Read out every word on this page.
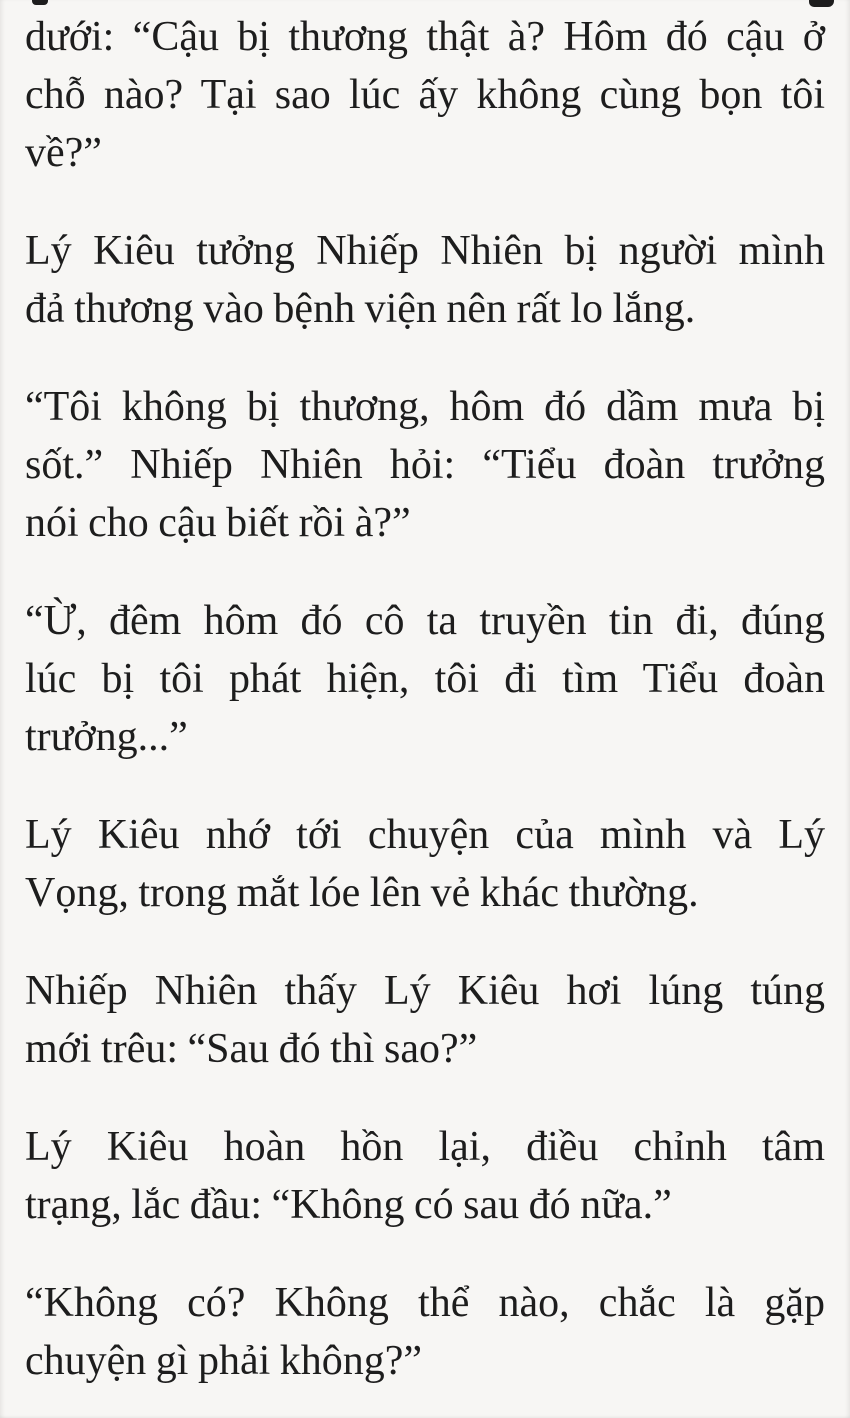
dưới: “Cậu bị thương thật à? Hôm đó cậu ở
chỗ nào? Tại sao lúc ấy không cùng bọn tôi
về?”
Lý Kiêu tưởng Nhiếp Nhiên bị người mình
đả thương vào bệnh viện nên rất lo lắng.
“Tôi không bị thương, hôm đó dầm mưa bị
sốt.” Nhiếp Nhiên hỏi: “Tiểu đoàn trưởng
nói cho cậu biết rồi à?”
“Ừ, đêm hôm đó cô ta truyền tin đi, đúng
lúc bị tôi phát hiện, tôi đi tìm Tiểu đoàn
trưởng...”
Lý Kiêu nhớ tới chuyện của mình và Lý
Vọng, trong mắt lóe lên vẻ khác thường.
Nhiếp Nhiên thấy Lý Kiêu hơi lúng túng
mới trêu: “Sau đó thì sao?”
Lý Kiêu hoàn hồn lại, điều chỉnh tâm
trạng, lắc đầu: “Không có sau đó nữa.”
“Không có? Không thể nào, chắc là gặp
chuyện gì phải không?”
